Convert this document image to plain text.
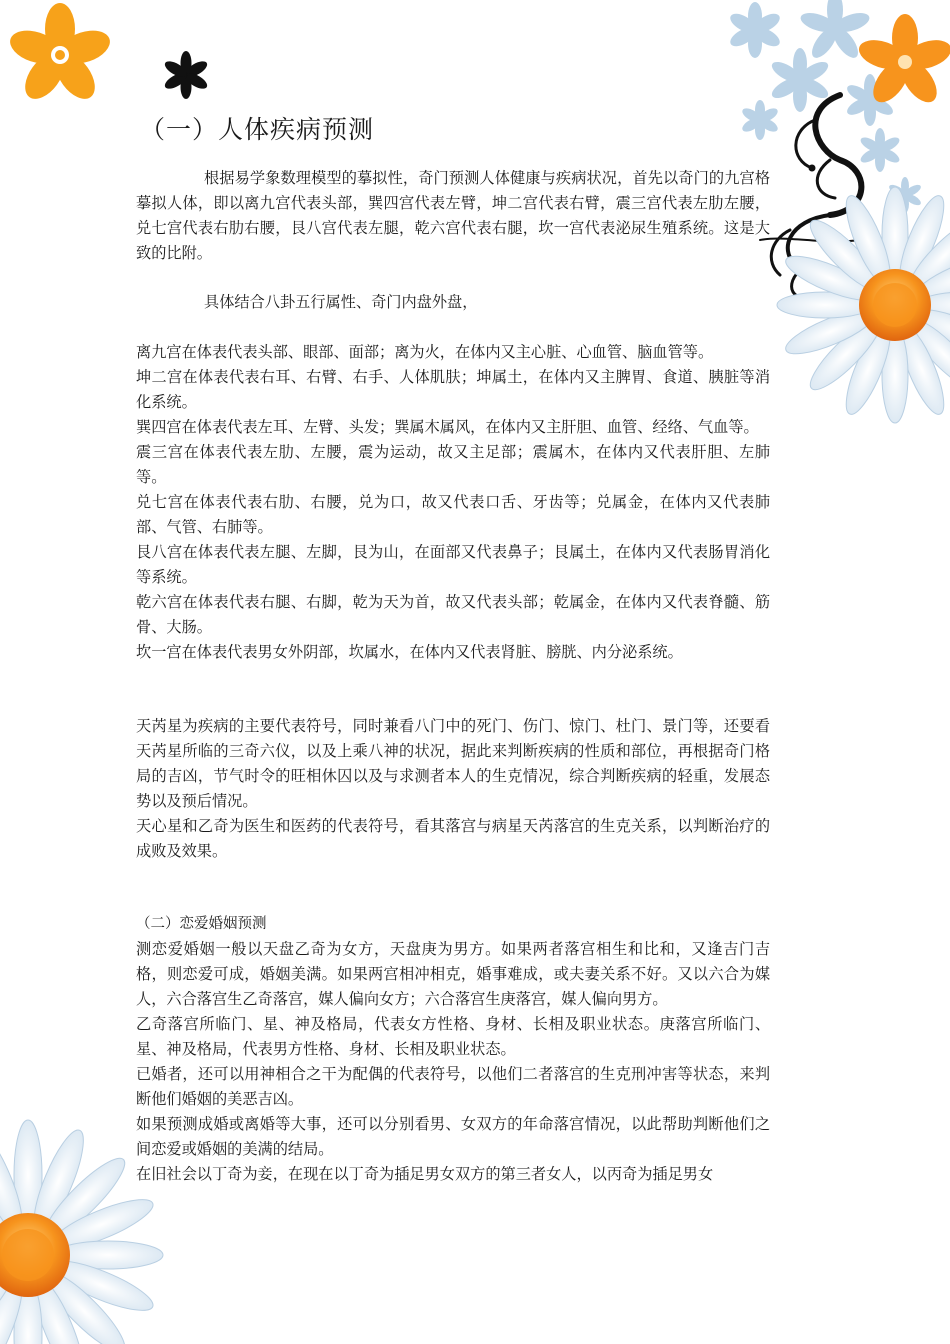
（一）人体疾病预测

根据易学象数理模型的摹拟性，奇门预测人体健康与疾病状况，首先以奇门的九宫格摹拟人体，即以离九宫代表头部，巽四宫代表左臂，坤二宫代表右臂，震三宫代表左肋左腰，兑七宫代表右肋右腰，艮八宫代表左腿，乾六宫代表右腿，坎一宫代表泌尿生殖系统。这是大致的比附。

具体结合八卦五行属性、奇门内盘外盘，

离九宫在体表代表头部、眼部、面部；离为火，在体内又主心脏、心血管、脑血管等。

坤二宫在体表代表右耳、右臂、右手、人体肌肤；坤属土，在体内又主脾胃、食道、胰脏等消化系统。

巽四宫在体表代表左耳、左臂、头发；巽属木属风，在体内又主肝胆、血管、经络、气血等。

震三宫在体表代表左肋、左腰，震为运动，故又主足部；震属木，在体内又代表肝胆、左肺等。

兑七宫在体表代表右肋、右腰，兑为口，故又代表口舌、牙齿等；兑属金，在体内又代表肺部、气管、右肺等。

艮八宫在体表代表左腿、左脚，艮为山，在面部又代表鼻子；艮属土，在体内又代表肠胃消化等系统。

乾六宫在体表代表右腿、右脚，乾为天为首，故又代表头部；乾属金，在体内又代表脊髓、筋骨、大肠。

坎一宫在体表代表男女外阴部，坎属水，在体内又代表肾脏、膀胱、内分泌系统。

天芮星为疾病的主要代表符号，同时兼看八门中的死门、伤门、惊门、杜门、景门等，还要看天芮星所临的三奇六仪，以及上乘八神的状况，据此来判断疾病的性质和部位，再根据奇门格局的吉凶，节气时令的旺相休囚以及与求测者本人的生克情况，综合判断疾病的轻重，发展态势以及预后情况。

天心星和乙奇为医生和医药的代表符号，看其落宫与病星天芮落宫的生克关系，以判断治疗的成败及效果。

（二）恋爱婚姻预测

测恋爱婚姻一般以天盘乙奇为女方，天盘庚为男方。如果两者落宫相生和比和，又逢吉门吉格，则恋爱可成，婚姻美满。如果两宫相冲相克，婚事难成，或夫妻关系不好。又以六合为媒人，六合落宫生乙奇落宫，媒人偏向女方；六合落宫生庚落宫，媒人偏向男方。

乙奇落宫所临门、星、神及格局，代表女方性格、身材、长相及职业状态。庚落宫所临门、星、神及格局，代表男方性格、身材、长相及职业状态。

已婚者，还可以用神相合之干为配偶的代表符号，以他们二者落宫的生克刑冲害等状态，来判断他们婚姻的美恶吉凶。

如果预测成婚或离婚等大事，还可以分别看男、女双方的年命落宫情况，以此帮助判断他们之间恋爱或婚姻的美满的结局。

在旧社会以丁奇为妾，在现在以丁奇为插足男女双方的第三者女人，以丙奇为插足男女
